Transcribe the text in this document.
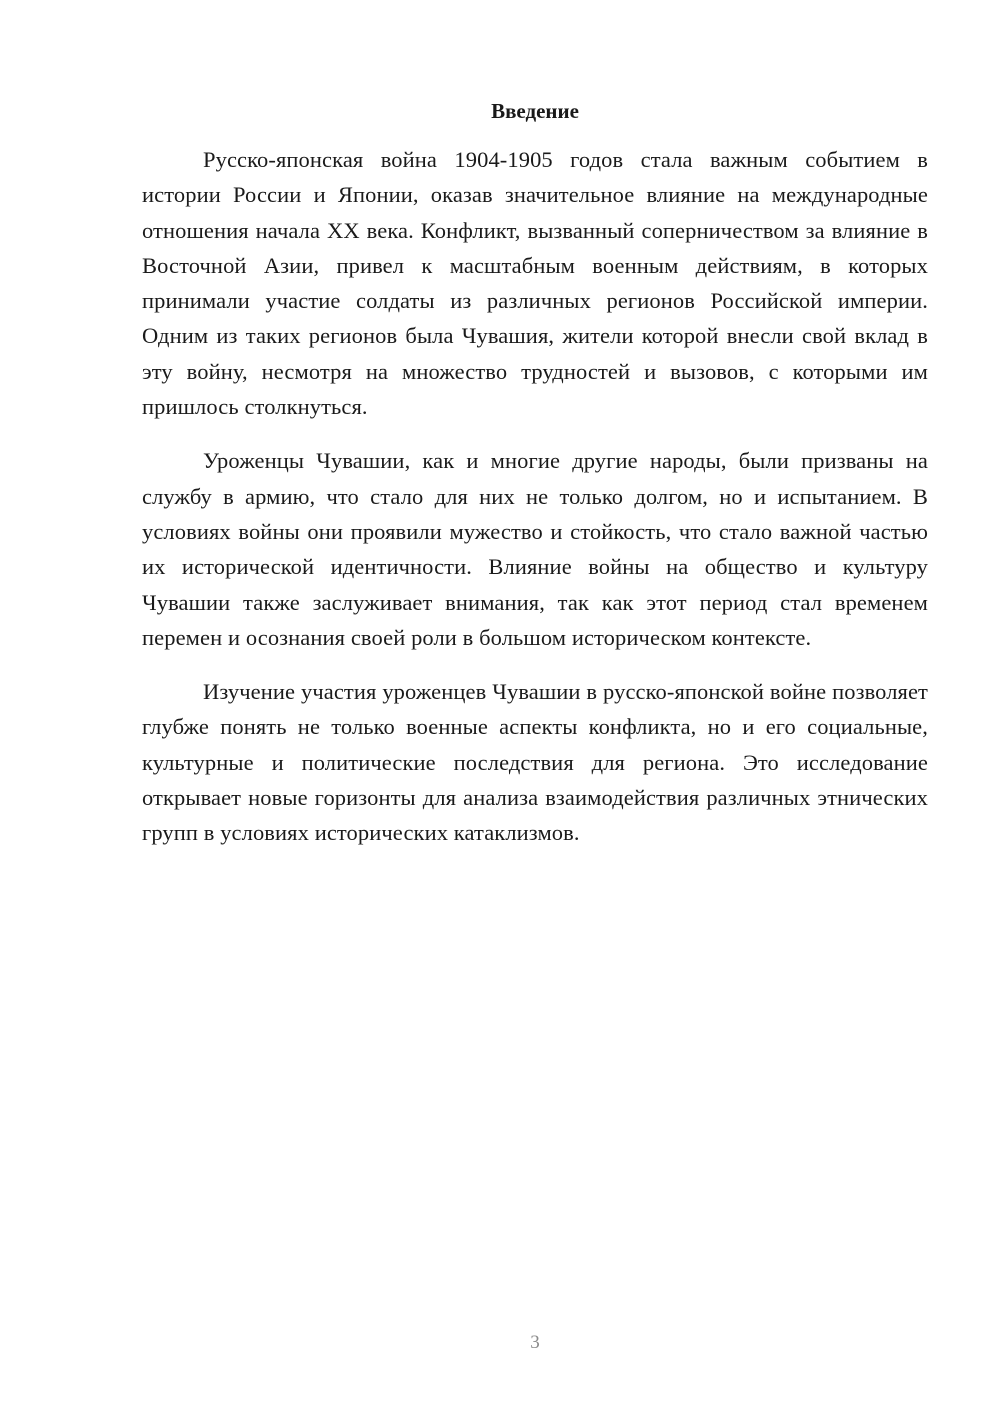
Введение

Русско-японская война 1904-1905 годов стала важным событием в истории России и Японии, оказав значительное влияние на международные отношения начала XX века. Конфликт, вызванный соперничеством за влияние в Восточной Азии, привел к масштабным военным действиям, в которых принимали участие солдаты из различных регионов Российской империи. Одним из таких регионов была Чувашия, жители которой внесли свой вклад в эту войну, несмотря на множество трудностей и вызовов, с которыми им пришлось столкнуться.

Уроженцы Чувашии, как и многие другие народы, были призваны на службу в армию, что стало для них не только долгом, но и испытанием. В условиях войны они проявили мужество и стойкость, что стало важной частью их исторической идентичности. Влияние войны на общество и культуру Чувашии также заслуживает внимания, так как этот период стал временем перемен и осознания своей роли в большом историческом контексте.

Изучение участия уроженцев Чувашии в русско-японской войне позволяет глубже понять не только военные аспекты конфликта, но и его социальные, культурные и политические последствия для региона. Это исследование открывает новые горизонты для анализа взаимодействия различных этнических групп в условиях исторических катаклизмов.

3
